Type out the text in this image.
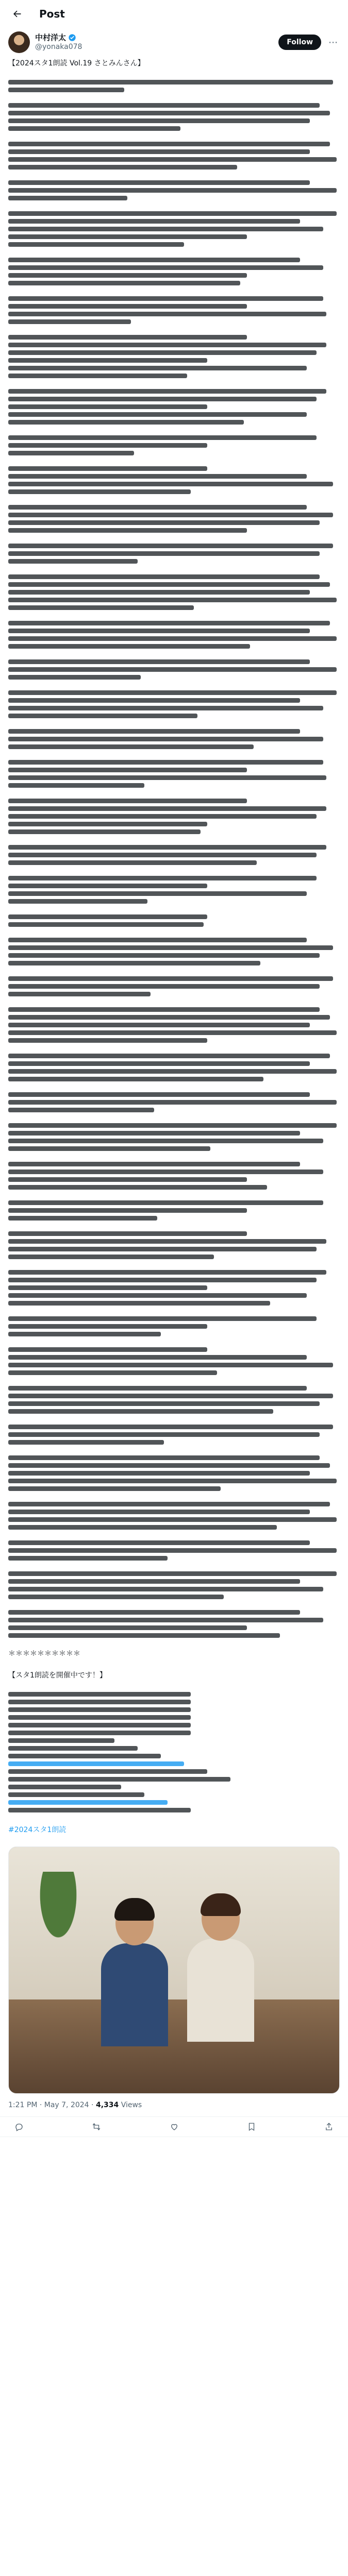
Post
中村洋太
@yonaka078
Follow	⋯
【2024スタ1朗読 Vol.19 さとみんさん】
＊＊＊＊＊＊＊＊＊＊
【スタ1朗読を開催中です！】
#2024スタ1朗読
1:21 PM · May 7, 2024 · 4,334 Views
